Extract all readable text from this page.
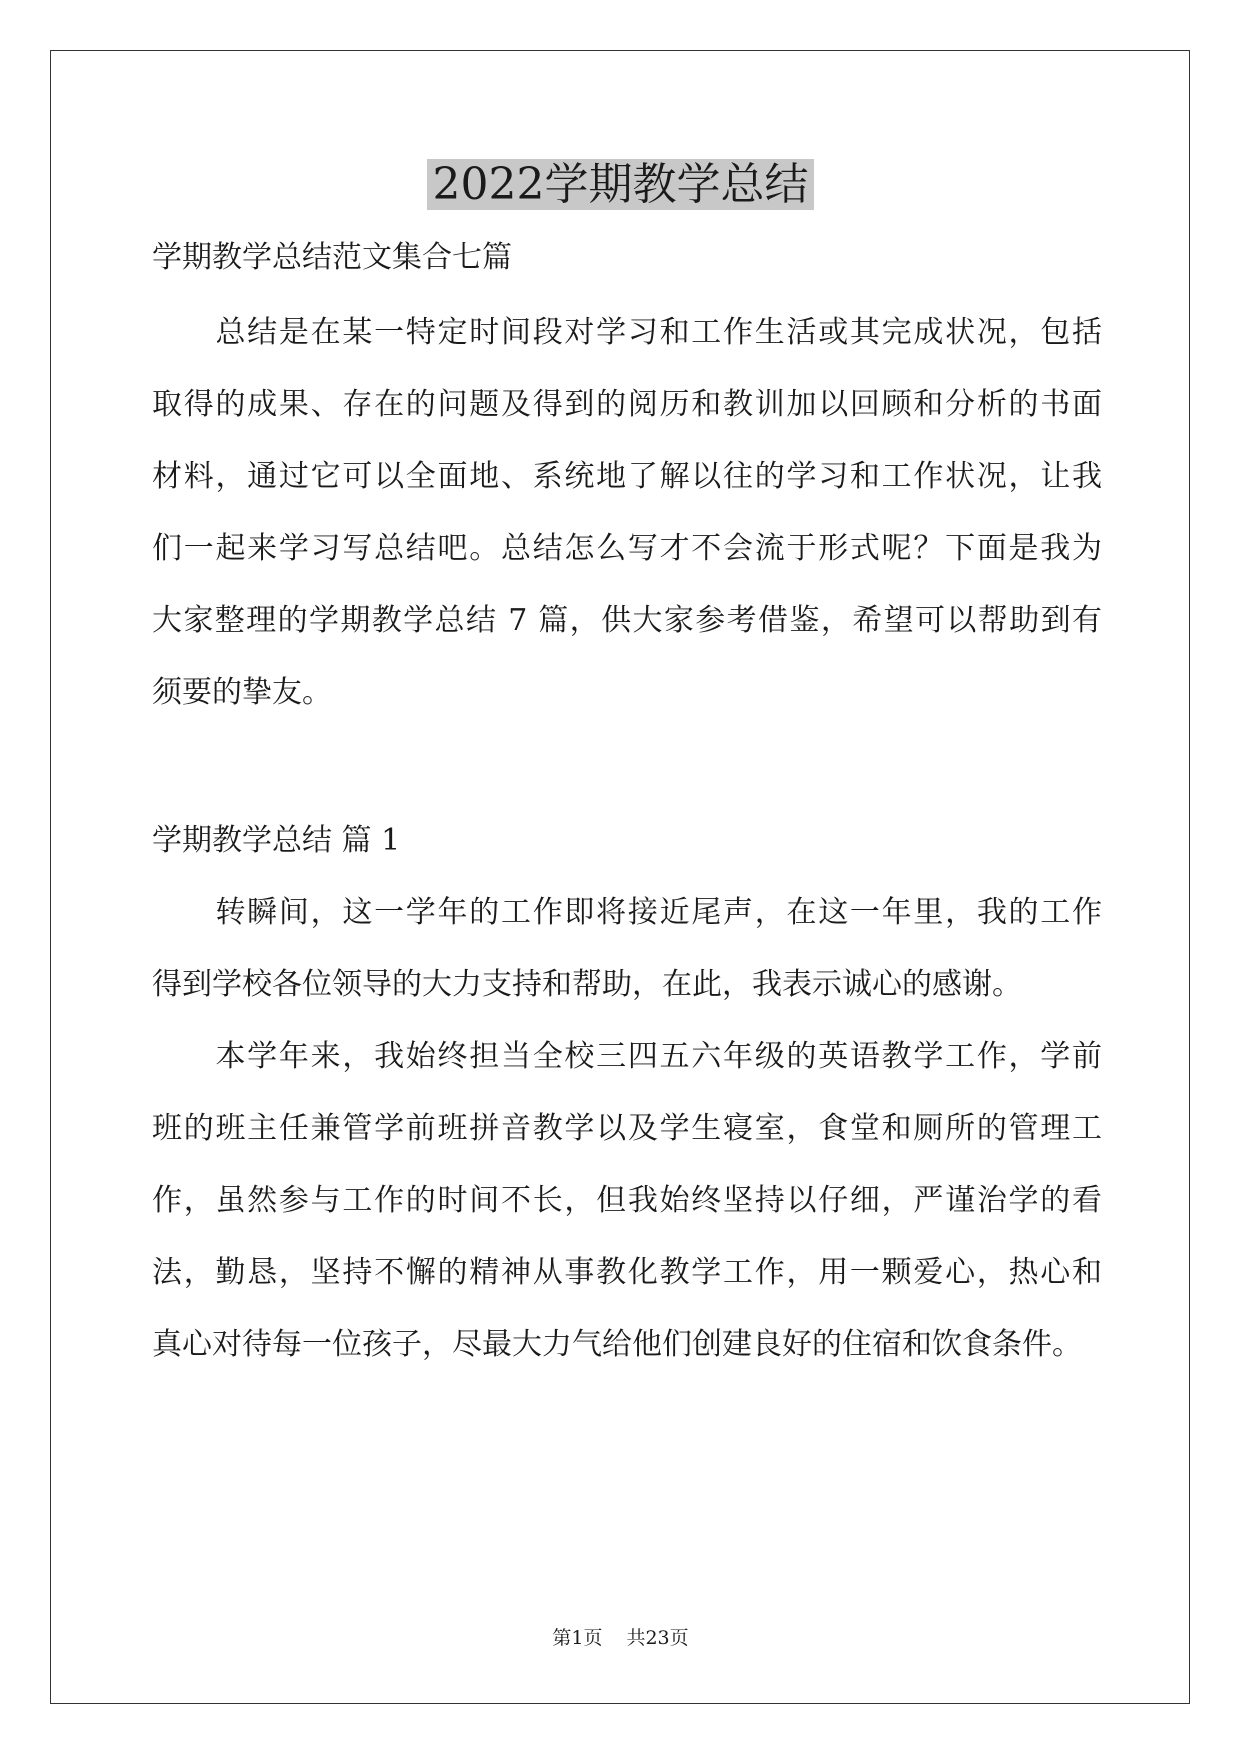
2022学期教学总结

学期教学总结范文集合七篇

　　总结是在某一特定时间段对学习和工作生活或其完成状况，包括

取得的成果、存在的问题及得到的阅历和教训加以回顾和分析的书面

材料，通过它可以全面地、系统地了解以往的学习和工作状况，让我

们一起来学习写总结吧。总结怎么写才不会流于形式呢？下面是我为

大家整理的学期教学总结 7 篇，供大家参考借鉴，希望可以帮助到有

须要的挚友。

学期教学总结 篇 1

　　转瞬间，这一学年的工作即将接近尾声，在这一年里，我的工作

得到学校各位领导的大力支持和帮助，在此，我表示诚心的感谢。

　　本学年来，我始终担当全校三四五六年级的英语教学工作，学前

班的班主任兼管学前班拼音教学以及学生寝室，食堂和厕所的管理工

作，虽然参与工作的时间不长，但我始终坚持以仔细，严谨治学的看

法，勤恳，坚持不懈的精神从事教化教学工作，用一颗爱心，热心和

真心对待每一位孩子，尽最大力气给他们创建良好的住宿和饮食条件。

第1页 共23页
